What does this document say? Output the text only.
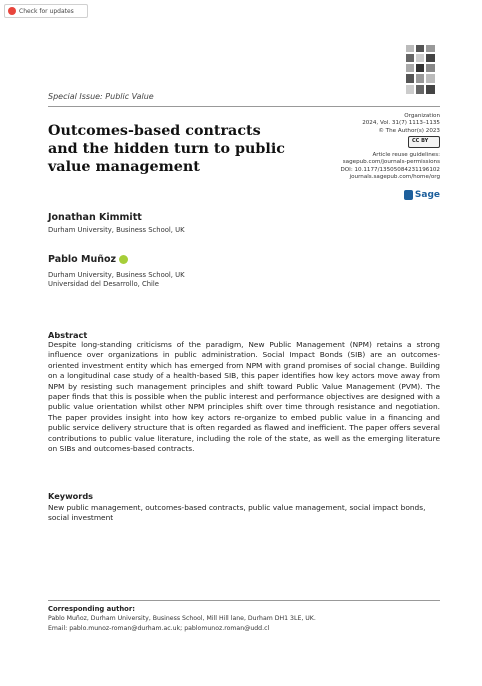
Check for updates
Special Issue: Public Value
Organization
2024, Vol. 31(7) 1113–1135
© The Author(s) 2023
CC BY
Article reuse guidelines:
sagepub.com/journals-permissions
DOI: 10.1177/13505084231196102
journals.sagepub.com/home/org
Sage
Outcomes-based contracts and the hidden turn to public value management
Jonathan Kimmitt
Durham University, Business School, UK
Pablo Muñoz
Durham University, Business School, UK
Universidad del Desarrollo, Chile
Abstract
Despite long-standing criticisms of the paradigm, New Public Management (NPM) retains a strong influence over organizations in public administration. Social Impact Bonds (SIB) are an outcomes-oriented investment entity which has emerged from NPM with grand promises of social change. Building on a longitudinal case study of a health-based SIB, this paper identifies how key actors move away from NPM by resisting such management principles and shift toward Public Value Management (PVM). The paper finds that this is possible when the public interest and performance objectives are designed with a public value orientation whilst other NPM principles shift over time through resistance and negotiation. The paper provides insight into how key actors re-organize to embed public value in a financing and public service delivery structure that is often regarded as flawed and inefficient. The paper offers several contributions to public value literature, including the role of the state, as well as the emerging literature on SIBs and outcomes-based contracts.
Keywords
New public management, outcomes-based contracts, public value management, social impact bonds, social investment
Corresponding author:
Pablo Muñoz, Durham University, Business School, Mill Hill lane, Durham DH1 3LE, UK.
Email: pablo.munoz-roman@durham.ac.uk; pablomunoz.roman@udd.cl
